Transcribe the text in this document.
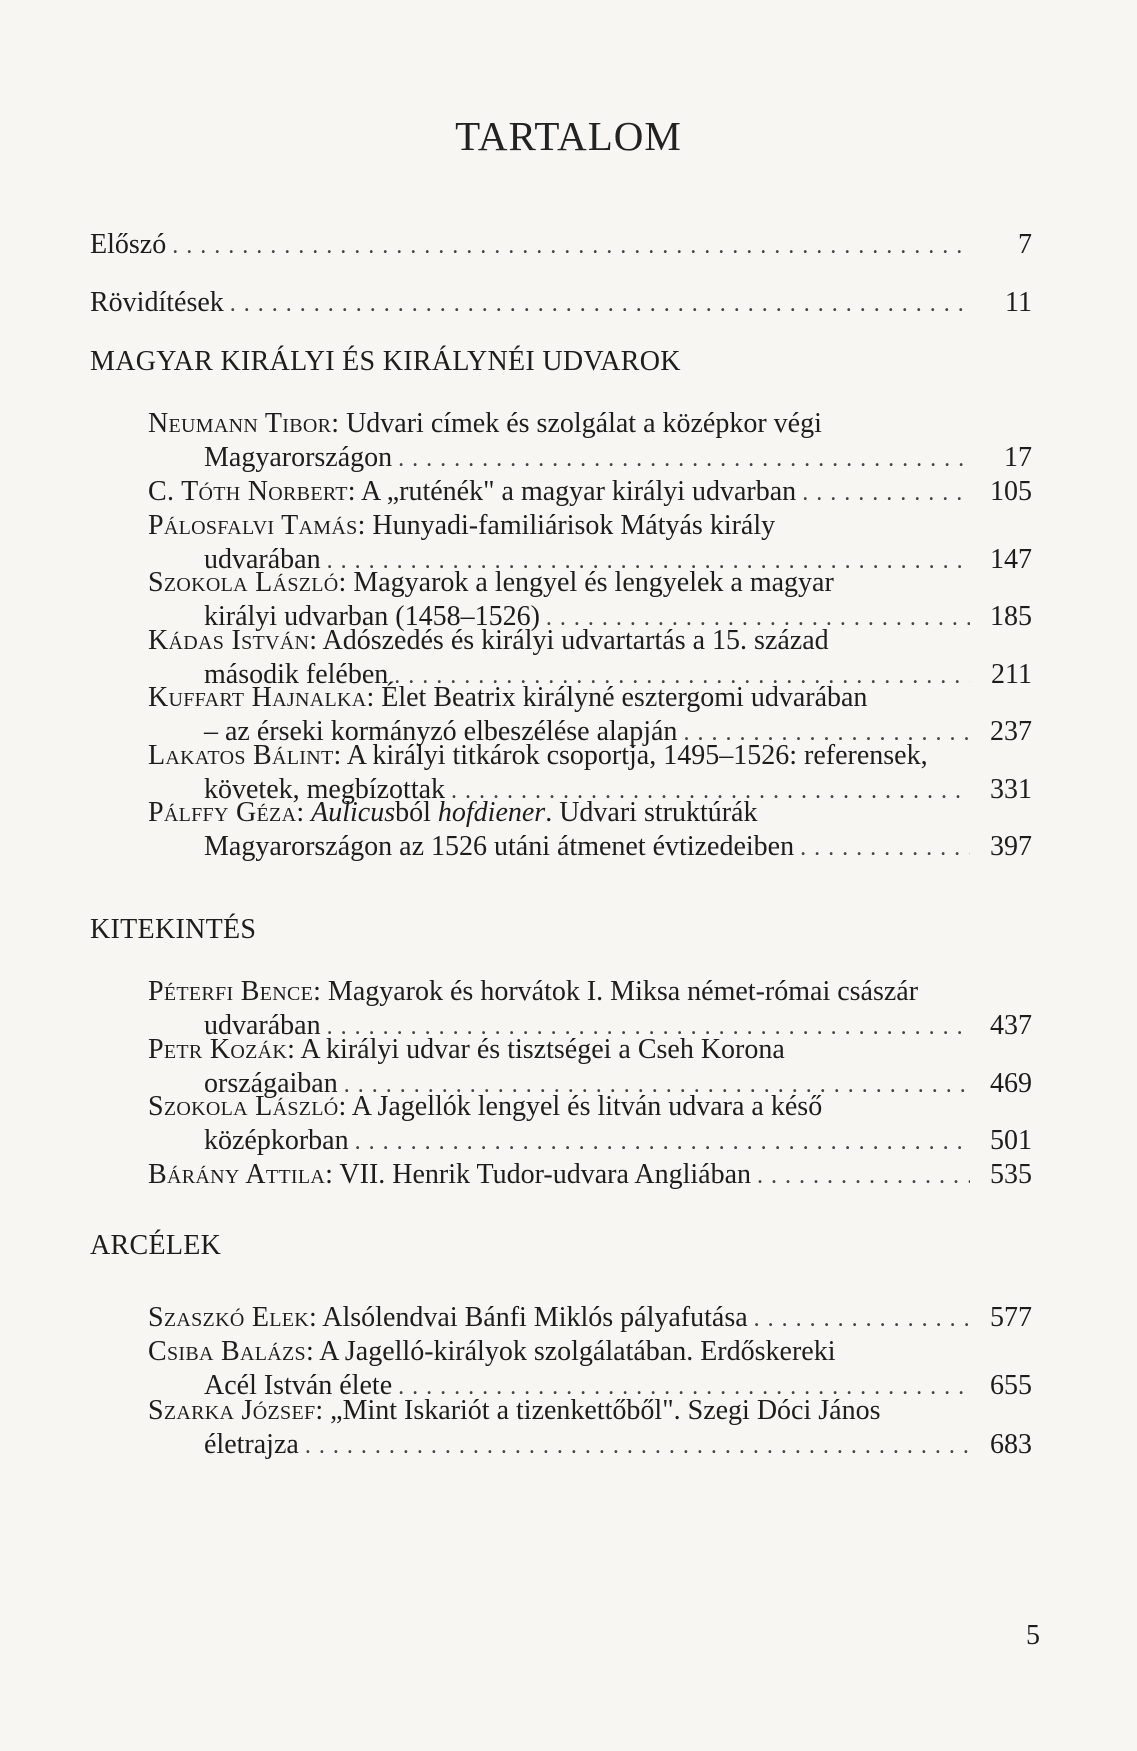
TARTALOM
Előszó . . .	7
Rövidítések . . .	11
MAGYAR KIRÁLYI ÉS KIRÁLYNÉI UDVAROK
Neumann Tibor: Udvari címek és szolgálat a középkor végi
Magyarországon . . .	17
C. Tóth Norbert: A „ruténék" a magyar királyi udvarban . . .	105
Pálosfalvi Tamás: Hunyadi-familiárisok Mátyás király
udvarában . . .	147
Szokola László: Magyarok a lengyel és lengyelek a magyar
királyi udvarban (1458–1526) . . .	185
Kádas István: Adószedés és királyi udvartartás a 15. század
második felében . . .	211
Kuffart Hajnalka: Élet Beatrix királyné esztergomi udvarában
– az érseki kormányzó elbeszélése alapján . . .	237
Lakatos Bálint: A királyi titkárok csoportja, 1495–1526: referensek,
követek, megbízottak . . .	331
Pálffy Géza: Aulicusból hofdiener. Udvari struktúrák
Magyarországon az 1526 utáni átmenet évtizedeiben . . .	397
KITEKINTÉS
Péterfi Bence: Magyarok és horvátok I. Miksa német-római császár
udvarában . . .	437
Petr Kozák: A királyi udvar és tisztségei a Cseh Korona
országaiban . . .	469
Szokola László: A Jagellók lengyel és litván udvara a késő
középkorban . . .	501
Bárány Attila: VII. Henrik Tudor-udvara Angliában . . .	535
ARCÉLEK
Szaszkó Elek: Alsólendvai Bánfi Miklós pályafutása . . .	577
Csiba Balázs: A Jagelló-királyok szolgálatában. Erdőskereki
Acél István élete . . .	655
Szarka József: „Mint Iskariót a tizenkettőből". Szegi Dóci János
életrajza . . .	683
5
